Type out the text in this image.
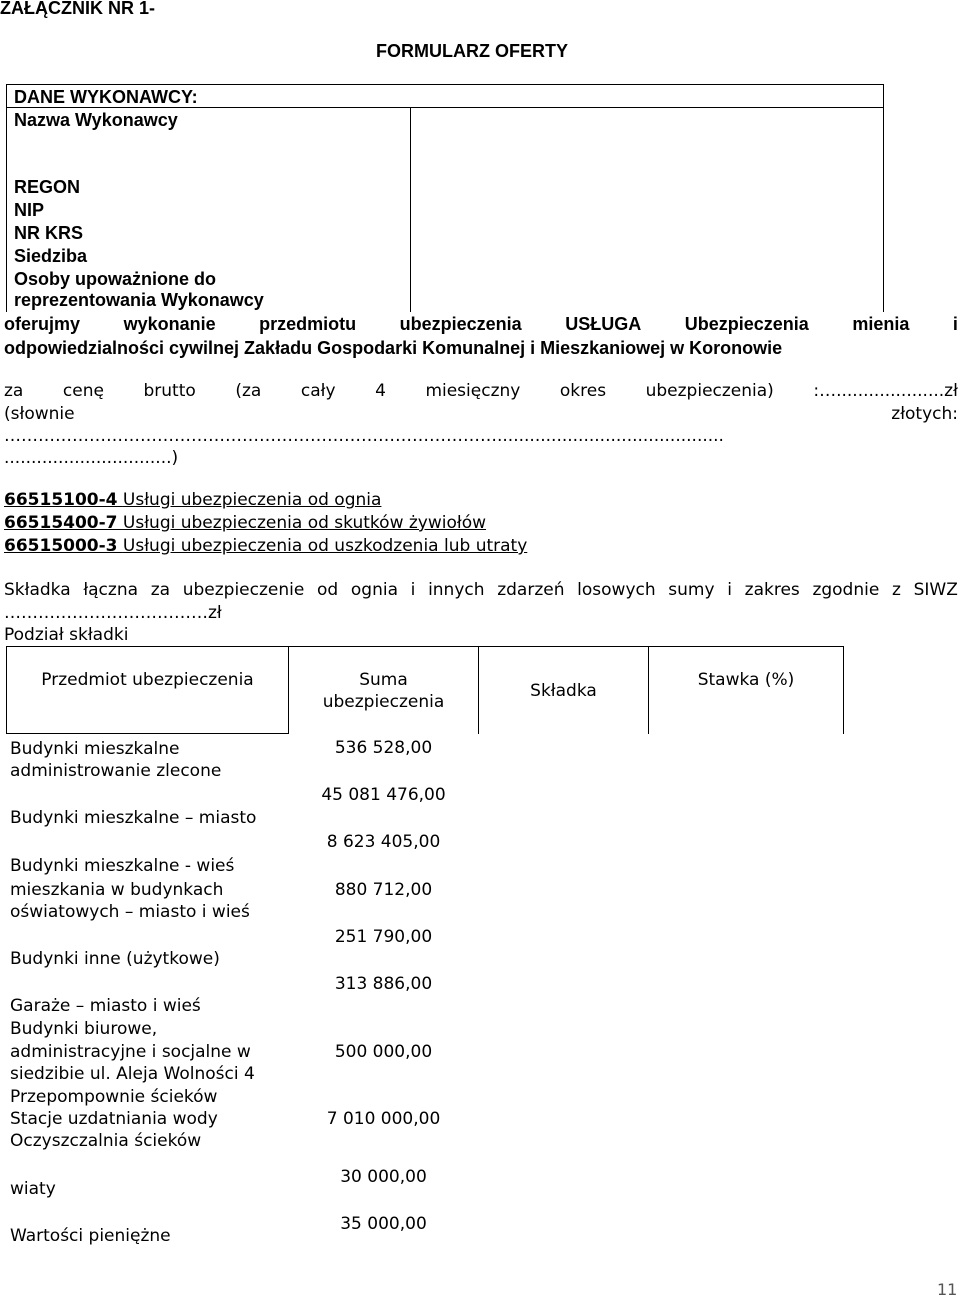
ZAŁĄCZNIK NR 1-
FORMULARZ OFERTY
DANE WYKONAWCY:
Nazwa Wykonawcy
REGON
NIP
NR KRS
Siedziba
Osoby upoważnione do
reprezentowania Wykonawcy
oferujmy wykonanie przedmiotu ubezpieczenia USŁUGA Ubezpieczenia mienia i
odpowiedzialności cywilnej Zakładu Gospodarki Komunalnej i Mieszkaniowej w Koronowie
za cenę brutto (za cały 4 miesięczny okres ubezpieczenia) :…....................zł
(słownie	złotych:
……………………………………………………………………………..........................................
...............................)
66515100-4 Usługi ubezpieczenia od ognia
66515400-7 Usługi ubezpieczenia od skutków żywiołów
66515000-3 Usługi ubezpieczenia od uszkodzenia lub utraty
Składka łączna za ubezpieczenie od ognia i innych zdarzeń losowych sumy i zakres zgodnie z SIWZ
………………………………zł
Podział składki
Przedmiot ubezpieczenia	Suma
ubezpieczenia
Składka
Stawka (%)
Budynki mieszkalne
administrowanie zlecone
Budynki mieszkalne – miasto
Budynki mieszkalne - wieś
mieszkania w budynkach
oświatowych – miasto i wieś
Budynki inne (użytkowe)
Garaże – miasto i wieś
Budynki biurowe,
administracyjne i socjalne w
siedzibie ul. Aleja Wolności 4
Przepompownie ścieków
Stacje uzdatniania wody
Oczyszczalnia ścieków
wiaty
Wartości pieniężne
536 528,00
45 081 476,00
8 623 405,00
880 712,00
251 790,00
313 886,00
500 000,00
7 010 000,00
30 000,00
35 000,00
11
